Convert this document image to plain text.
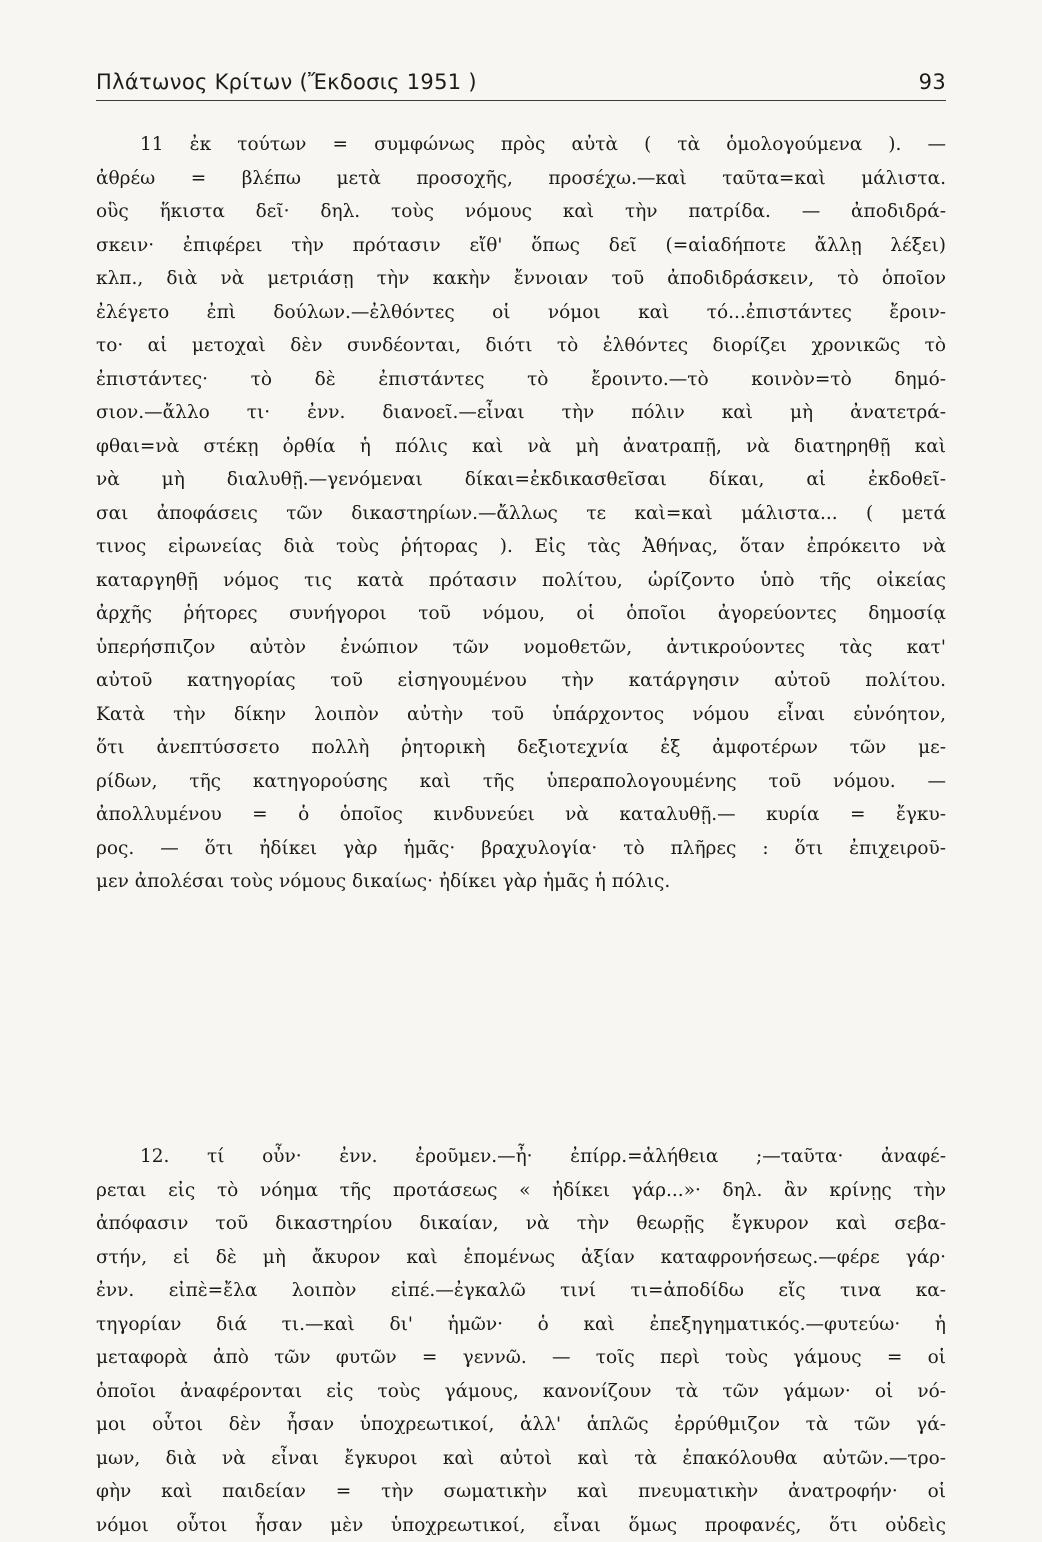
Πλάτωνος Κρίτων (Ἔκδοσις 1951 )	93
11 ἐκ τούτων = συμφώνως πρὸς αὐτὰ ( τὰ ὁμολογούμενα ). —
ἀθρέω = βλέπω μετὰ προσοχῆς, προσέχω.—καὶ ταῦτα=καὶ μάλιστα.
οὓς ἥκιστα δεῖ· δηλ. τοὺς νόμους καὶ τὴν πατρίδα. — ἀποδιδρά-
σκειν· ἐπιφέρει τὴν πρότασιν εἴθ' ὅπως δεῖ (=αἱαδήποτε ἄλλῃ λέξει)
κλπ., διὰ νὰ μετριάσῃ τὴν κακὴν ἔννοιαν τοῦ ἀποδιδράσκειν, τὸ ὁποῖον
ἐλέγετο ἐπὶ δούλων.—ἐλθόντες οἱ νόμοι καὶ τό...ἐπιστάντες ἔροιν-
το· αἱ μετοχαὶ δὲν συνδέονται, διότι τὸ ἐλθόντες διορίζει χρονικῶς τὸ
ἐπιστάντες· τὸ δὲ ἐπιστάντες τὸ ἔροιντο.—τὸ κοινὸν=τὸ δημό-
σιον.—ἄλλο τι· ἐνν. διανοεῖ.—εἶναι τὴν πόλιν καὶ μὴ ἀνατετρά-
φθαι=νὰ στέκῃ ὀρθία ἡ πόλις καὶ νὰ μὴ ἀνατραπῇ, νὰ διατηρηθῇ καὶ
νὰ μὴ διαλυθῇ.—γενόμεναι δίκαι=ἐκδικασθεῖσαι δίκαι, αἱ ἐκδοθεῖ-
σαι ἀποφάσεις τῶν δικαστηρίων.—ἄλλως τε καὶ=καὶ μάλιστα... ( μετά
τινος εἰρωνείας διὰ τοὺς ῥήτορας ). Εἰς τὰς Ἀθήνας, ὅταν ἐπρόκειτο νὰ
καταργηθῇ νόμος τις κατὰ πρότασιν πολίτου, ὡρίζοντο ὑπὸ τῆς οἰκείας
ἀρχῆς ῥήτορες συνήγοροι τοῦ νόμου, οἱ ὁποῖοι ἀγορεύοντες δημοσίᾳ
ὑπερήσπιζον αὐτὸν ἐνώπιον τῶν νομοθετῶν, ἀντικρούοντες τὰς κατ'
αὐτοῦ κατηγορίας τοῦ εἰσηγουμένου τὴν κατάργησιν αὐτοῦ πολίτου.
Κατὰ τὴν δίκην λοιπὸν αὐτὴν τοῦ ὑπάρχοντος νόμου εἶναι εὐνόητον,
ὅτι ἀνεπτύσσετο πολλὴ ῥητορικὴ δεξιοτεχνία ἐξ ἀμφοτέρων τῶν με-
ρίδων, τῆς κατηγορούσης καὶ τῆς ὑπεραπολογουμένης τοῦ νόμου. —
ἀπολλυμένου = ὁ ὁποῖος κινδυνεύει νὰ καταλυθῇ.— κυρία = ἔγκυ-
ρος. — ὅτι ἠδίκει γὰρ ἡμᾶς· βραχυλογία· τὸ πλῆρες : ὅτι ἐπιχειροῦ-
μεν ἀπολέσαι τοὺς νόμους δικαίως· ἠδίκει γὰρ ἡμᾶς ἡ πόλις.
12. τί οὖν· ἐνν. ἐροῦμεν.—ἦ· ἐπίρρ.=ἀλήθεια ;—ταῦτα· ἀναφέ-
ρεται εἰς τὸ νόημα τῆς προτάσεως « ἠδίκει γάρ...»· δηλ. ἂν κρίνῃς τὴν
ἀπόφασιν τοῦ δικαστηρίου δικαίαν, νὰ τὴν θεωρῇς ἔγκυρον καὶ σεβα-
στήν, εἰ δὲ μὴ ἄκυρον καὶ ἑπομένως ἀξίαν καταφρονήσεως.—φέρε γάρ·
ἐνν. εἰπὲ=ἔλα λοιπὸν εἰπέ.—ἐγκαλῶ τινί τι=ἀποδίδω εἴς τινα κα-
τηγορίαν διά τι.—καὶ δι' ἡμῶν· ὁ καὶ ἐπεξηγηματικός.—φυτεύω· ἡ
μεταφορὰ ἀπὸ τῶν φυτῶν = γεννῶ. — τοῖς περὶ τοὺς γάμους = οἱ
ὁποῖοι ἀναφέρονται εἰς τοὺς γάμους, κανονίζουν τὰ τῶν γάμων· οἱ νό-
μοι οὗτοι δὲν ἦσαν ὑποχρεωτικοί, ἀλλ' ἁπλῶς ἐρρύθμιζον τὰ τῶν γά-
μων, διὰ νὰ εἶναι ἔγκυροι καὶ αὐτοὶ καὶ τὰ ἐπακόλουθα αὐτῶν.—τρο-
φὴν καὶ παιδείαν = τὴν σωματικὴν καὶ πνευματικὴν ἀνατροφήν· οἱ
νόμοι οὗτοι ἦσαν μὲν ὑποχρεωτικοί, εἶναι ὅμως προφανές, ὅτι οὐδεὶς
